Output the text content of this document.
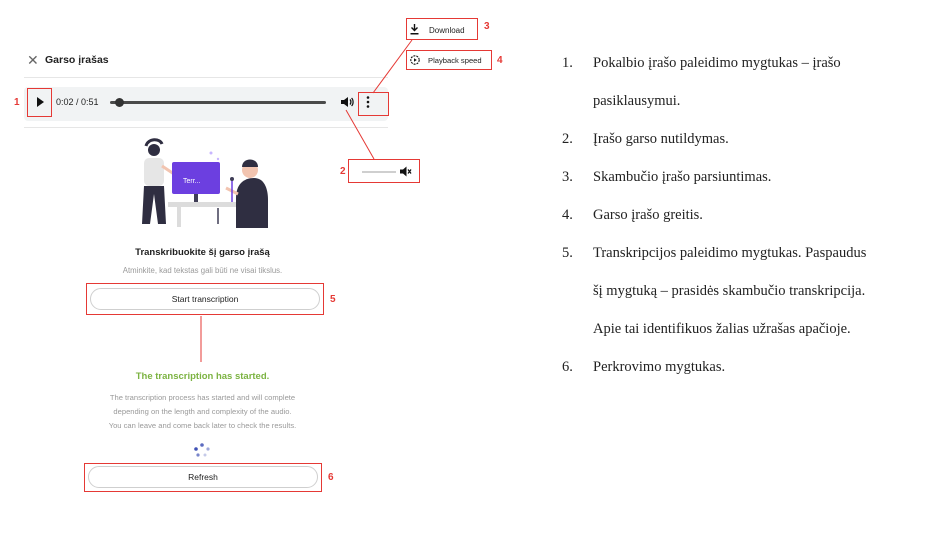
✕ Garso įrašas
0:02 / 0:51
1
Download 3
Playback speed 4
2
Terr...
Transkribuokite šį garso įrašą
Atminkite, kad tekstas gali būti ne visai tikslus.
Start transcription	5
The transcription has started.
The transcription process has started and will complete
depending on the length and complexity of the audio.
You can leave and come back later to check the results.
Refresh	6
1. Pokalbio įrašo paleidimo mygtukas – įrašo
pasiklausymui.
2. Įrašo garso nutildymas.
3. Skambučio įrašo parsiuntimas.
4. Garso įrašo greitis.
5. Transkripcijos paleidimo mygtukas. Paspaudus
šį mygtuką – prasidės skambučio transkripcija.
Apie tai identifikuos žalias užrašas apačioje.
6. Perkrovimo mygtukas.
